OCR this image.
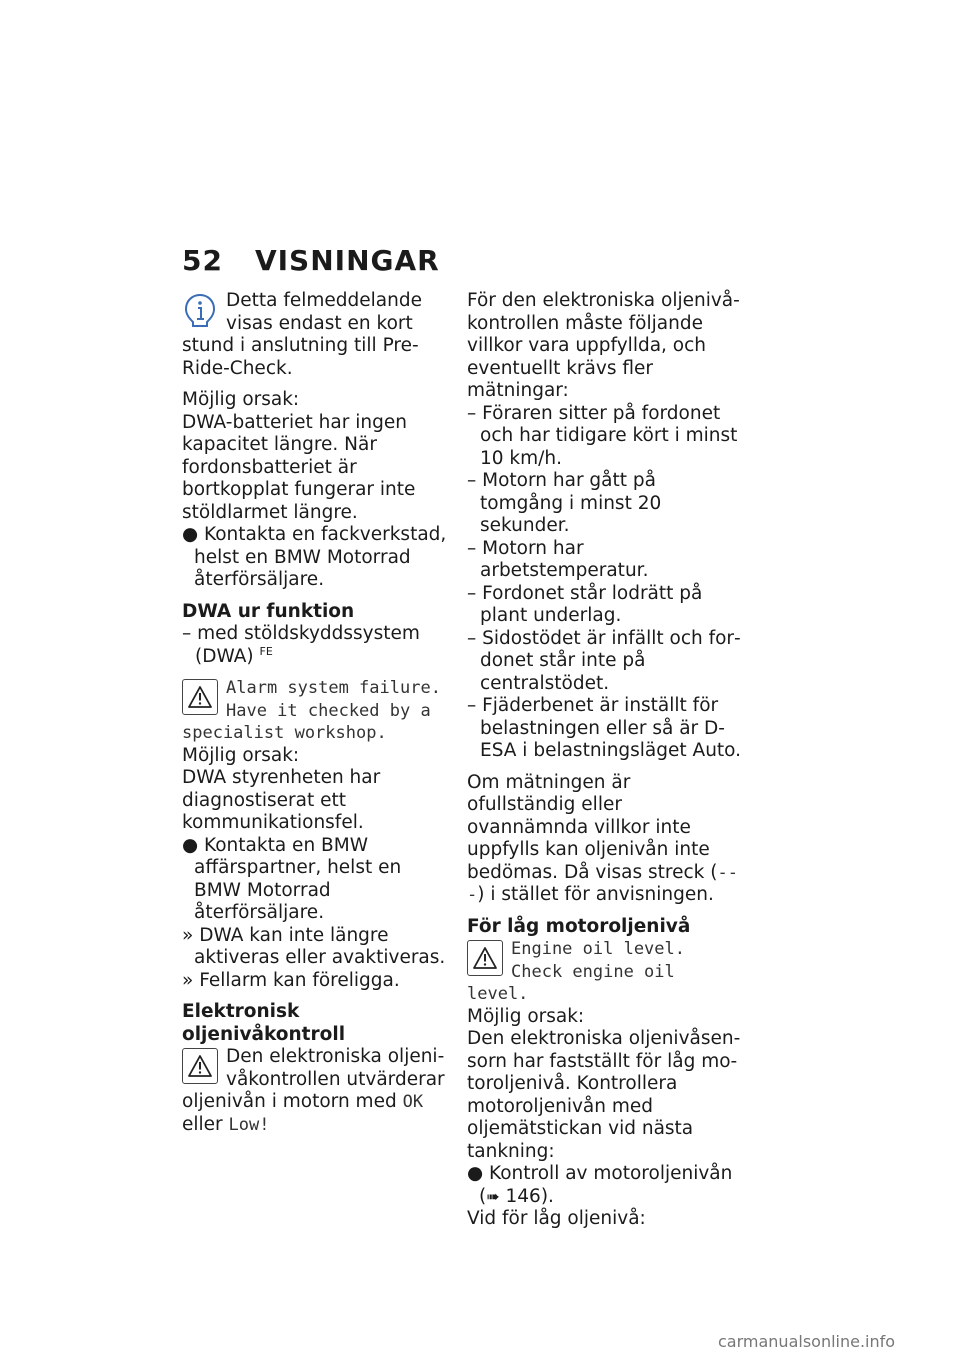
52 VISNINGAR

Detta felmeddelande visas endast en kort stund i anslutning till Pre-Ride-Check.

Möjlig orsak:

DWA-batteriet har ingen kapacitet längre. När fordonsbatteriet är bortkopplat fungerar inte stöldlarmet längre.

● Kontakta en fackverkstad, helst en BMW Motorrad återförsäljare.

DWA ur funktion

– med stöldskyddssystem (DWA) $^{FE}$

Alarm system failure. Have it checked by a specialist workshop.

Möjlig orsak:

DWA styrenheten har diagnostiserat ett kommunikationsfel.

● Kontakta en BMW affärspartner, helst en BMW Motorrad återförsäljare.

» DWA kan inte längre aktiveras eller avaktiveras.

» Fellarm kan föreligga.

Elektronisk oljenivåkontroll

Den elektroniska oljenivåkontrollen utvärderar oljenivån i motorn med OK eller Low!

För den elektroniska oljenivåkontrollen måste följande villkor vara uppfyllda, och eventuellt krävs fler mätningar:

– Föraren sitter på fordonet och har tidigare kört i minst 10 km/h.

– Motorn har gått på tomgång i minst 20 sekunder.

– Motorn har arbetstemperatur.

– Fordonet står lodrätt på plant underlag.

– Sidostödet är infällt och fordonet står inte på centralstödet.

– Fjäderbenet är inställt för belastningen eller så är D-ESA i belastningsläget Auto.

Om mätningen är ofullständig eller ovannämnda villkor inte uppfylls kan oljenivån inte bedömas. Då visas streck (---) i stället för anvisningen.

För låg motoroljenivå

Engine oil level. Check engine oil level.

Möjlig orsak:

Den elektroniska oljenivåsensorn har fastställt för låg motoroljenivå. Kontrollera motoroljenivån med oljemätstickan vid nästa tankning:

● Kontroll av motoroljenivån

(➠ 146).

Vid för låg oljenivå:

carmanualsonline.info
